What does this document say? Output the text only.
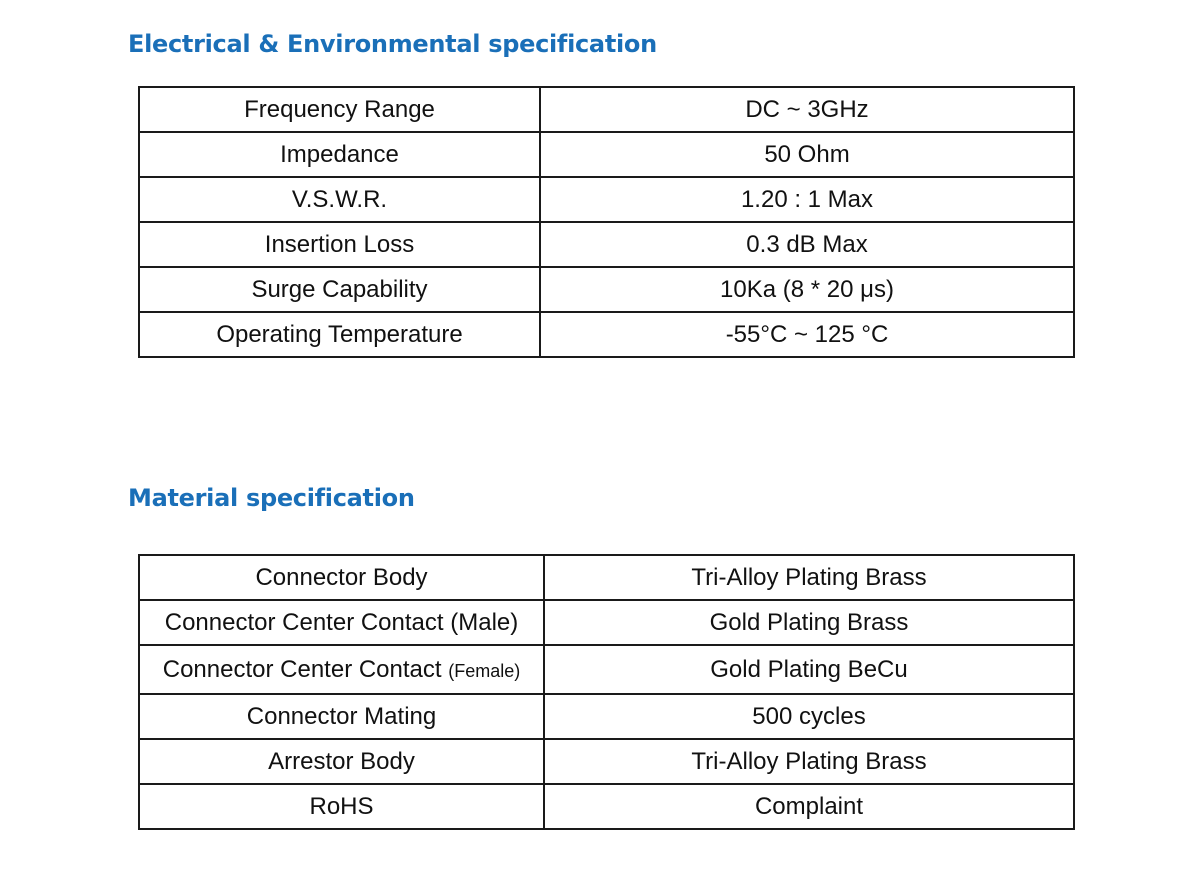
Electrical & Environmental specification
Frequency Range	DC ~ 3GHz
Impedance	50 Ohm
V.S.W.R.	1.20 : 1 Max
Insertion Loss	0.3 dB Max
Surge Capability	10Ka (8 * 20 μs)
Operating Temperature	-55°C ~ 125 °C
Material specification
Connector Body	Tri-Alloy Plating Brass
Connector Center Contact (Male)	Gold Plating Brass
Connector Center Contact (Female)	Gold Plating BeCu
Connector Mating	500 cycles
Arrestor Body	Tri-Alloy Plating Brass
RoHS	Complaint
